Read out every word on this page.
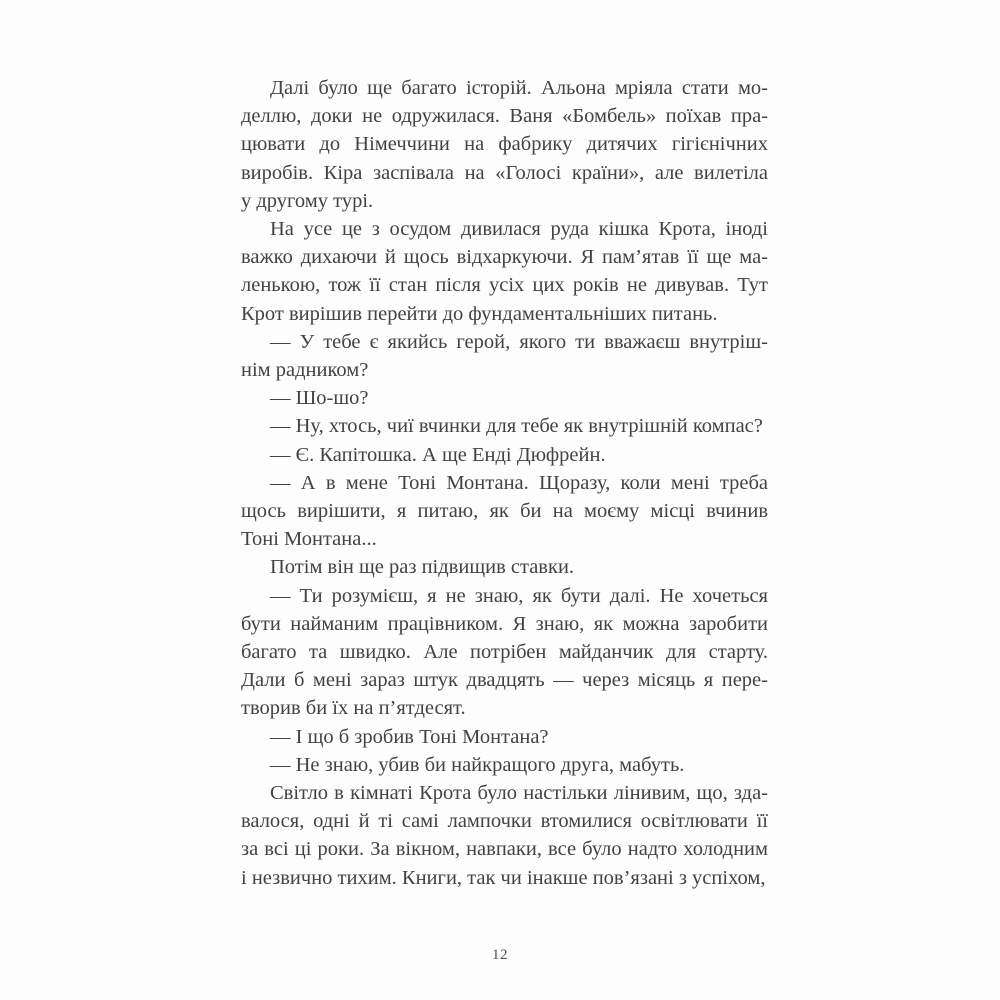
Далі було ще багато історій. Альона мріяла стати мо-
деллю, доки не одружилася. Ваня «Бомбель» поїхав пра-
цювати до Німеччини на фабрику дитячих гігієнічних
виробів. Кіра заспівала на «Голосі країни», але вилетіла
у другому турі.
На усе це з осудом дивилася руда кішка Крота, іноді
важко дихаючи й щось відхаркуючи. Я пам’ятав її ще ма-
ленькою, тож її стан після усіх цих років не дивував. Тут
Крот вирішив перейти до фундаментальніших питань.
— У тебе є якийсь герой, якого ти вважаєш внутріш-
нім радником?
— Шо-шо?
— Ну, хтось, чиї вчинки для тебе як внутрішній компас?
— Є. Капітошка. А ще Енді Дюфрейн.
— А в мене Тоні Монтана. Щоразу, коли мені треба
щось вирішити, я питаю, як би на моєму місці вчинив
Тоні Монтана...
Потім він ще раз підвищив ставки.
— Ти розумієш, я не знаю, як бути далі. Не хочеться
бути найманим працівником. Я знаю, як можна заробити
багато та швидко. Але потрібен майданчик для старту.
Дали б мені зараз штук двадцять — через місяць я пере-
творив би їх на п’ятдесят.
— І що б зробив Тоні Монтана?
— Не знаю, убив би найкращого друга, мабуть.
Світло в кімнаті Крота було настільки лінивим, що, зда-
валося, одні й ті самі лампочки втомилися освітлювати її
за всі ці роки. За вікном, навпаки, все було надто холодним
і незвично тихим. Книги, так чи інакше пов’язані з успіхом,
12
